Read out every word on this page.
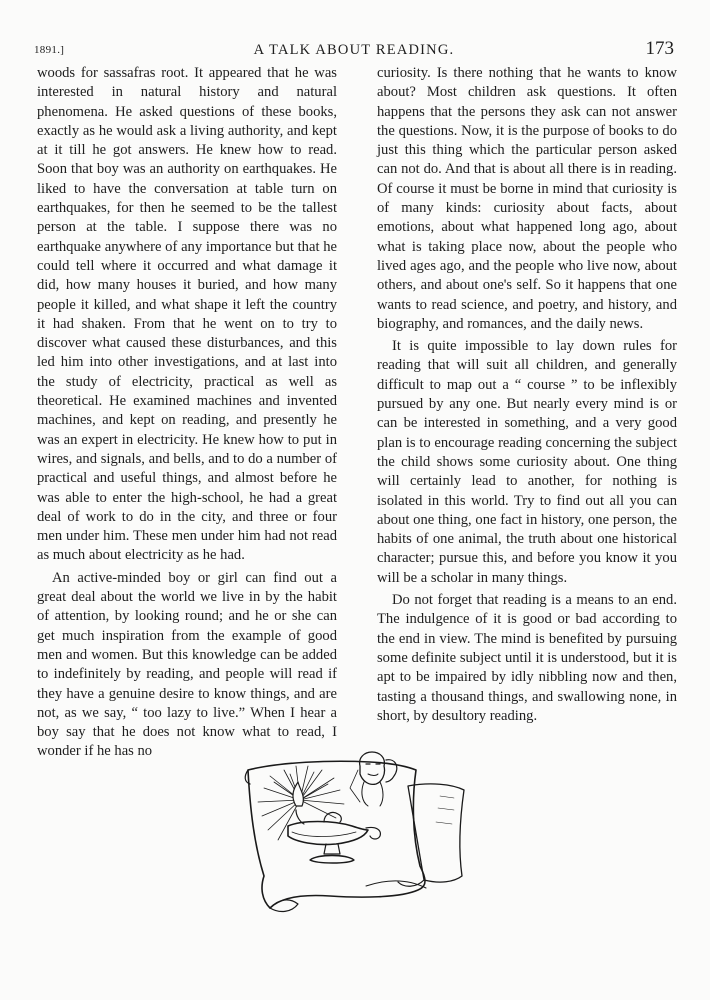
1891.]	A TALK ABOUT READING.	173

woods for sassafras root. It appeared that he was interested in natural history and natural phenomena. He asked questions of these books, exactly as he would ask a living authority, and kept at it till he got answers. He knew how to read. Soon that boy was an authority on earthquakes. He liked to have the conversation at table turn on earthquakes, for then he seemed to be the tallest person at the table. I suppose there was no earthquake anywhere of any importance but that he could tell where it occurred and what damage it did, how many houses it buried, and how many people it killed, and what shape it left the country it had shaken. From that he went on to try to discover what caused these disturbances, and this led him into other investigations, and at last into the study of electricity, practical as well as theoretical. He examined machines and invented machines, and kept on reading, and presently he was an expert in electricity. He knew how to put in wires, and signals, and bells, and to do a number of practical and useful things, and almost before he was able to enter the high-school, he had a great deal of work to do in the city, and three or four men under him. These men under him had not read as much about electricity as he had.

An active-minded boy or girl can find out a great deal about the world we live in by the habit of attention, by looking round; and he or she can get much inspiration from the example of good men and women. But this knowledge can be added to indefinitely by reading, and people will read if they have a genuine desire to know things, and are not, as we say, “ too lazy to live.” When I hear a boy say that he does not know what to read, I wonder if he has no

curiosity. Is there nothing that he wants to know about? Most children ask questions. It often happens that the persons they ask can not answer the questions. Now, it is the purpose of books to do just this thing which the particular person asked can not do. And that is about all there is in reading. Of course it must be borne in mind that curiosity is of many kinds: curiosity about facts, about emotions, about what happened long ago, about what is taking place now, about the people who lived ages ago, and the people who live now, about others, and about one's self. So it happens that one wants to read science, and poetry, and history, and biography, and romances, and the daily news.

It is quite impossible to lay down rules for reading that will suit all children, and generally difficult to map out a “ course ” to be inflexibly pursued by any one. But nearly every mind is or can be interested in something, and a very good plan is to encourage reading concerning the subject the child shows some curiosity about. One thing will certainly lead to another, for nothing is isolated in this world. Try to find out all you can about one thing, one fact in history, one person, the habits of one animal, the truth about one historical character; pursue this, and before you know it you will be a scholar in many things.

Do not forget that reading is a means to an end. The indulgence of it is good or bad according to the end in view. The mind is benefited by pursuing some definite subject until it is understood, but it is apt to be impaired by idly nibbling now and then, tasting a thousand things, and swallowing none, in short, by desultory reading.
